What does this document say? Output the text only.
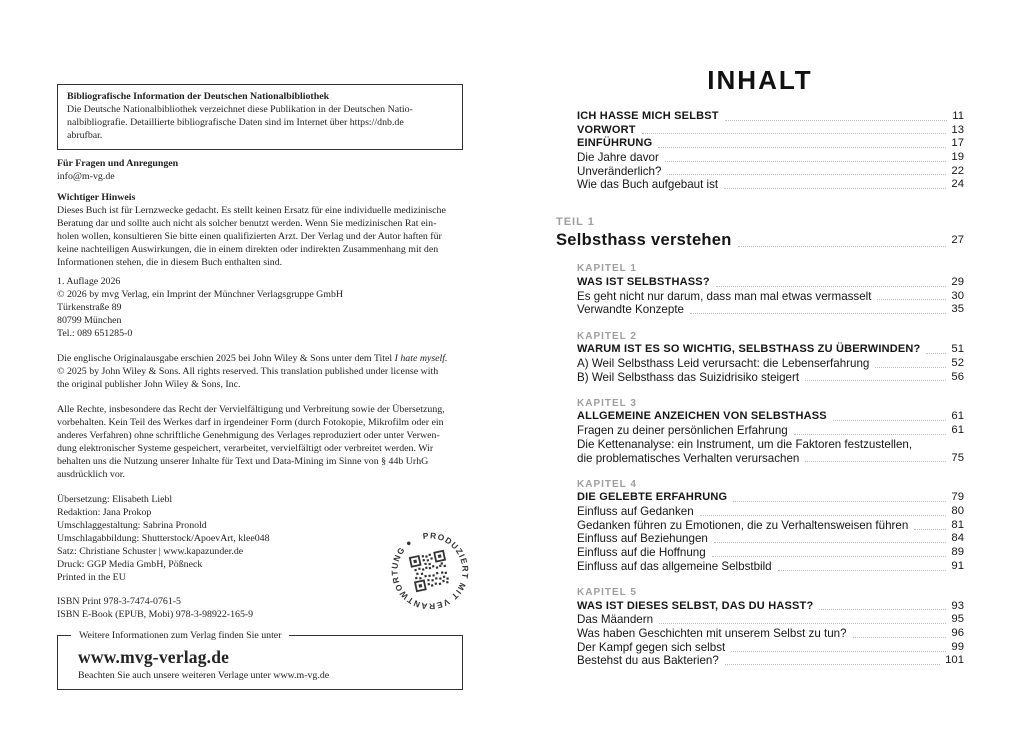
Bibliografische Information der Deutschen Nationalbibliothek
Die Deutsche Nationalbibliothek verzeichnet diese Publikation in der Deutschen Natio-
nalbibliografie. Detaillierte bibliografische Daten sind im Internet über https://dnb.de
abrufbar.
Für Fragen und Anregungen
info@m-vg.de
Wichtiger Hinweis
Dieses Buch ist für Lernzwecke gedacht. Es stellt keinen Ersatz für eine individuelle medizinische
Beratung dar und sollte auch nicht als solcher benutzt werden. Wenn Sie medizinischen Rat ein-
holen wollen, konsultieren Sie bitte einen qualifizierten Arzt. Der Verlag und der Autor haften für
keine nachteiligen Auswirkungen, die in einem direkten oder indirekten Zusammenhang mit den
Informationen stehen, die in diesem Buch enthalten sind.
1. Auflage 2026
© 2026 by mvg Verlag, ein Imprint der Münchner Verlagsgruppe GmbH
Türkenstraße 89
80799 München
Tel.: 089 651285-0
Die englische Originalausgabe erschien 2025 bei John Wiley & Sons unter dem Titel I hate myself.
© 2025 by John Wiley & Sons. All rights reserved. This translation published under license with
the original publisher John Wiley & Sons, Inc.
Alle Rechte, insbesondere das Recht der Vervielfältigung und Verbreitung sowie der Übersetzung,
vorbehalten. Kein Teil des Werkes darf in irgendeiner Form (durch Fotokopie, Mikrofilm oder ein
anderes Verfahren) ohne schriftliche Genehmigung des Verlages reproduziert oder unter Verwen-
dung elektronischer Systeme gespeichert, verarbeitet, vervielfältigt oder verbreitet werden. Wir
behalten uns die Nutzung unserer Inhalte für Text und Data-Mining im Sinne von § 44b UrhG
ausdrücklich vor.
Übersetzung: Elisabeth Liebl
Redaktion: Jana Prokop
Umschlaggestaltung: Sabrina Pronold
Umschlagabbildung: Shutterstock/ApoevArt, klee048
Satz: Christiane Schuster | www.kapazunder.de
Druck: GGP Media GmbH, Pößneck
Printed in the EU
ISBN Print 978-3-7474-0761-5
ISBN E-Book (EPUB, Mobi) 978-3-98922-165-9
Weitere Informationen zum Verlag finden Sie unter
www.mvg-verlag.de
Beachten Sie auch unsere weiteren Verlage unter www.m-vg.de
PRODUZIERT MIT VERANTWORTUNG ●
INHALT
ICH HASSE MICH SELBST	11
VORWORT	13
EINFÜHRUNG	17
Die Jahre davor	19
Unveränderlich?	22
Wie das Buch aufgebaut ist	24
TEIL 1
Selbsthass verstehen	27
KAPITEL 1
WAS IST SELBSTHASS?	29
Es geht nicht nur darum, dass man mal etwas vermasselt	30
Verwandte Konzepte	35
KAPITEL 2
WARUM IST ES SO WICHTIG, SELBSTHASS ZU ÜBERWINDEN?	51
A) Weil Selbsthass Leid verursacht: die Lebenserfahrung	52
B) Weil Selbsthass das Suizidrisiko steigert	56
KAPITEL 3
ALLGEMEINE ANZEICHEN VON SELBSTHASS	61
Fragen zu deiner persönlichen Erfahrung	61
Die Kettenanalyse: ein Instrument, um die Faktoren festzustellen,
die problematisches Verhalten verursachen	75
KAPITEL 4
DIE GELEBTE ERFAHRUNG	79
Einfluss auf Gedanken	80
Gedanken führen zu Emotionen, die zu Verhaltensweisen führen	81
Einfluss auf Beziehungen	84
Einfluss auf die Hoffnung	89
Einfluss auf das allgemeine Selbstbild	91
KAPITEL 5
WAS IST DIESES SELBST, DAS DU HASST?	93
Das Mäandern	95
Was haben Geschichten mit unserem Selbst zu tun?	96
Der Kampf gegen sich selbst	99
Bestehst du aus Bakterien?	101
